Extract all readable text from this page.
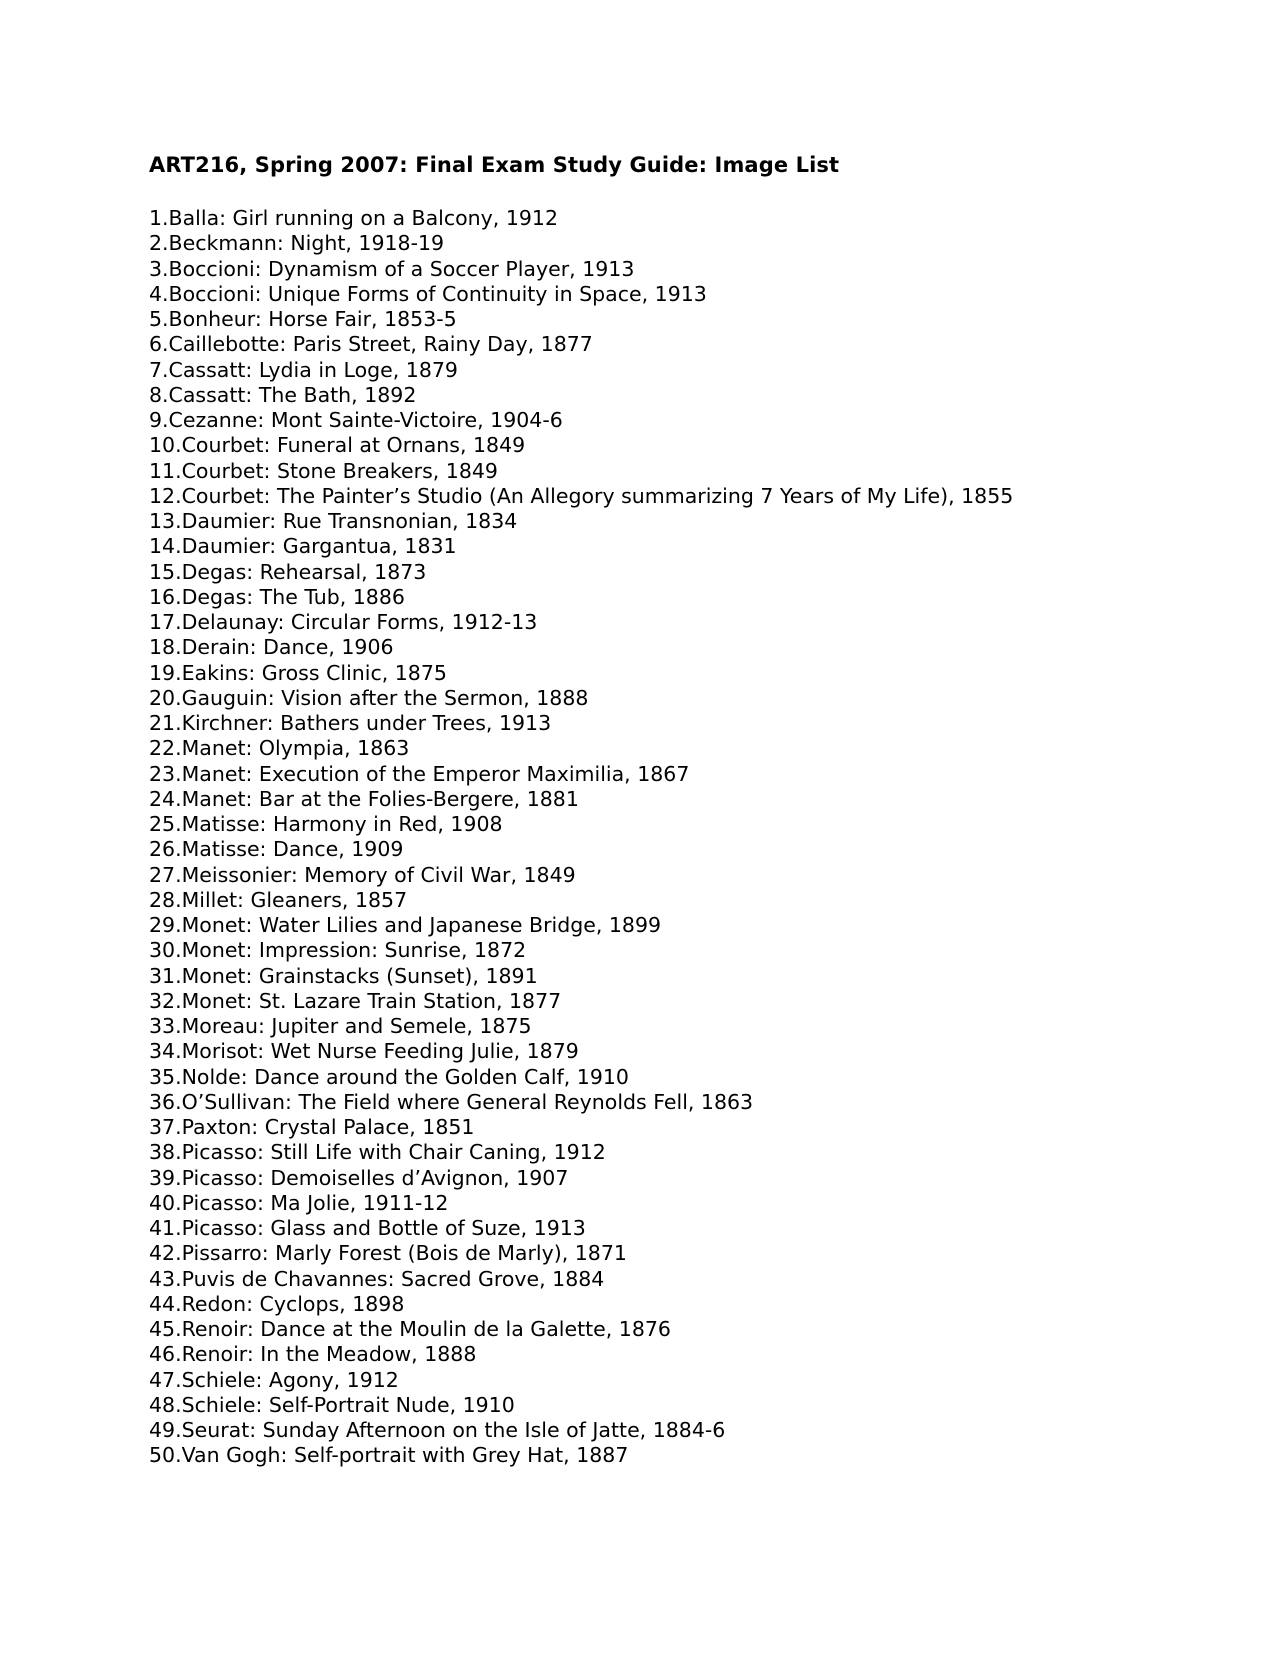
ART216, Spring 2007: Final Exam Study Guide: Image List
1.Balla: Girl running on a Balcony, 1912
2.Beckmann: Night, 1918-19
3.Boccioni: Dynamism of a Soccer Player, 1913
4.Boccioni: Unique Forms of Continuity in Space, 1913
5.Bonheur: Horse Fair, 1853-5
6.Caillebotte: Paris Street, Rainy Day, 1877
7.Cassatt: Lydia in Loge, 1879
8.Cassatt: The Bath, 1892
9.Cezanne: Mont Sainte-Victoire, 1904-6
10.Courbet: Funeral at Ornans, 1849
11.Courbet: Stone Breakers, 1849
12.Courbet: The Painter’s Studio (An Allegory summarizing 7 Years of My Life), 1855
13.Daumier: Rue Transnonian, 1834
14.Daumier: Gargantua, 1831
15.Degas: Rehearsal, 1873
16.Degas: The Tub, 1886
17.Delaunay: Circular Forms, 1912-13
18.Derain: Dance, 1906
19.Eakins: Gross Clinic, 1875
20.Gauguin: Vision after the Sermon, 1888
21.Kirchner: Bathers under Trees, 1913
22.Manet: Olympia, 1863
23.Manet: Execution of the Emperor Maximilia, 1867
24.Manet: Bar at the Folies-Bergere, 1881
25.Matisse: Harmony in Red, 1908
26.Matisse: Dance, 1909
27.Meissonier: Memory of Civil War, 1849
28.Millet: Gleaners, 1857
29.Monet: Water Lilies and Japanese Bridge, 1899
30.Monet: Impression: Sunrise, 1872
31.Monet: Grainstacks (Sunset), 1891
32.Monet: St. Lazare Train Station, 1877
33.Moreau: Jupiter and Semele, 1875
34.Morisot: Wet Nurse Feeding Julie, 1879
35.Nolde: Dance around the Golden Calf, 1910
36.O’Sullivan: The Field where General Reynolds Fell, 1863
37.Paxton: Crystal Palace, 1851
38.Picasso: Still Life with Chair Caning, 1912
39.Picasso: Demoiselles d’Avignon, 1907
40.Picasso: Ma Jolie, 1911-12
41.Picasso: Glass and Bottle of Suze, 1913
42.Pissarro: Marly Forest (Bois de Marly), 1871
43.Puvis de Chavannes: Sacred Grove, 1884
44.Redon: Cyclops, 1898
45.Renoir: Dance at the Moulin de la Galette, 1876
46.Renoir: In the Meadow, 1888
47.Schiele: Agony, 1912
48.Schiele: Self-Portrait Nude, 1910
49.Seurat: Sunday Afternoon on the Isle of Jatte, 1884-6
50.Van Gogh: Self-portrait with Grey Hat, 1887
